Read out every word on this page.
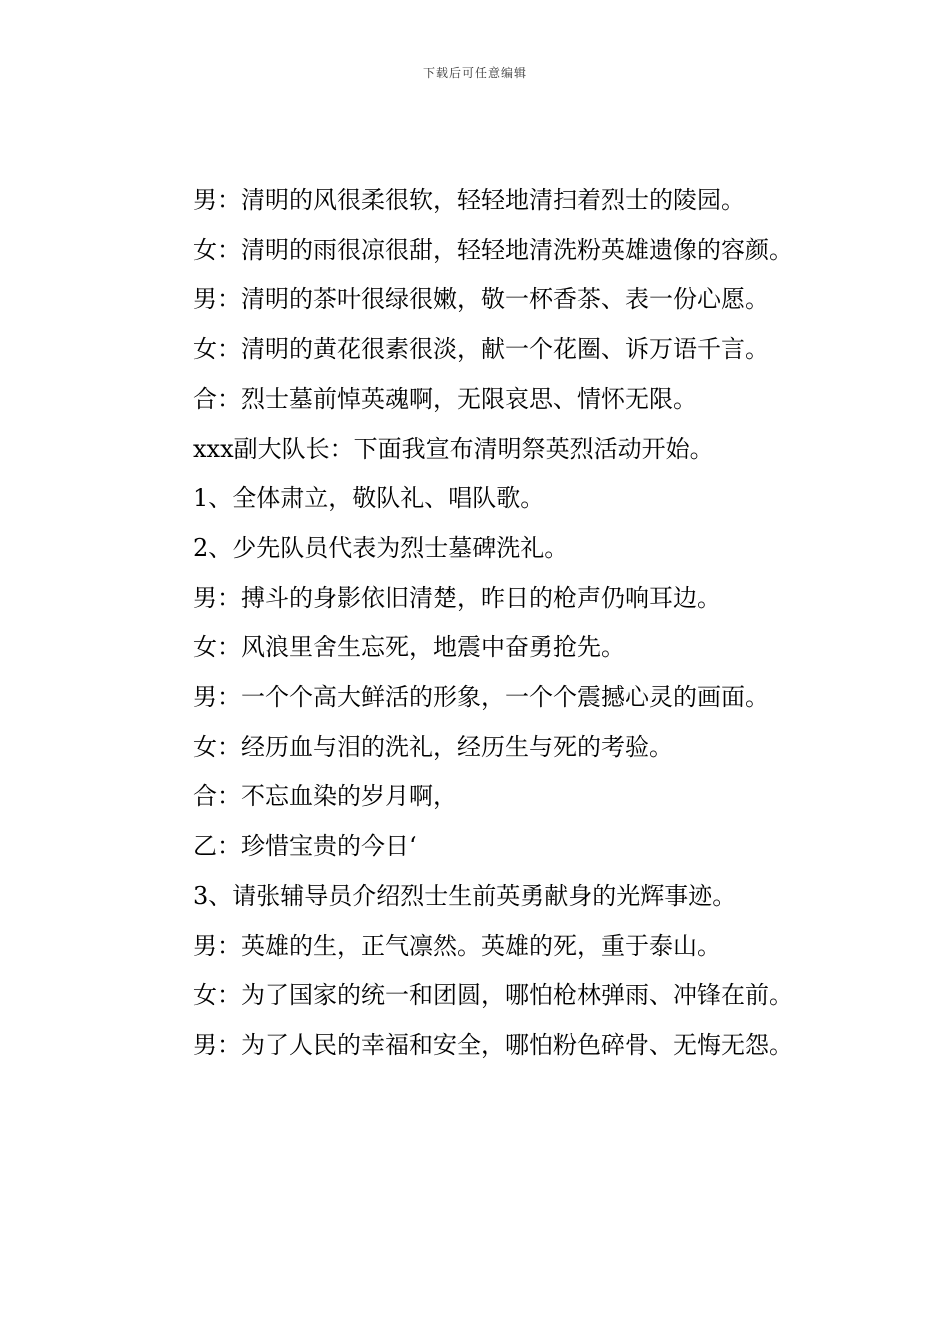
下载后可任意编辑

男：清明的风很柔很软，轻轻地清扫着烈士的陵园。

女：清明的雨很凉很甜，轻轻地清洗粉英雄遗像的容颜。

男：清明的茶叶很绿很嫩，敬一杯香茶、表一份心愿。

女：清明的黄花很素很淡，献一个花圈、诉万语千言。

合：烈士墓前悼英魂啊，无限哀思、情怀无限。

xxx副大队长：下面我宣布清明祭英烈活动开始。

1、全体肃立，敬队礼、唱队歌。

2、少先队员代表为烈士墓碑洗礼。

男：搏斗的身影依旧清楚，昨日的枪声仍响耳边。

女：风浪里舍生忘死，地震中奋勇抢先。

男：一个个高大鲜活的形象，一个个震撼心灵的画面。

女：经历血与泪的洗礼，经历生与死的考验。

合：不忘血染的岁月啊，

乙：珍惜宝贵的今日‘

3、请张辅导员介绍烈士生前英勇献身的光辉事迹。

男：英雄的生，正气凛然。英雄的死，重于泰山。

女：为了国家的统一和团圆，哪怕枪林弹雨、冲锋在前。

男：为了人民的幸福和安全，哪怕粉色碎骨、无悔无怨。
